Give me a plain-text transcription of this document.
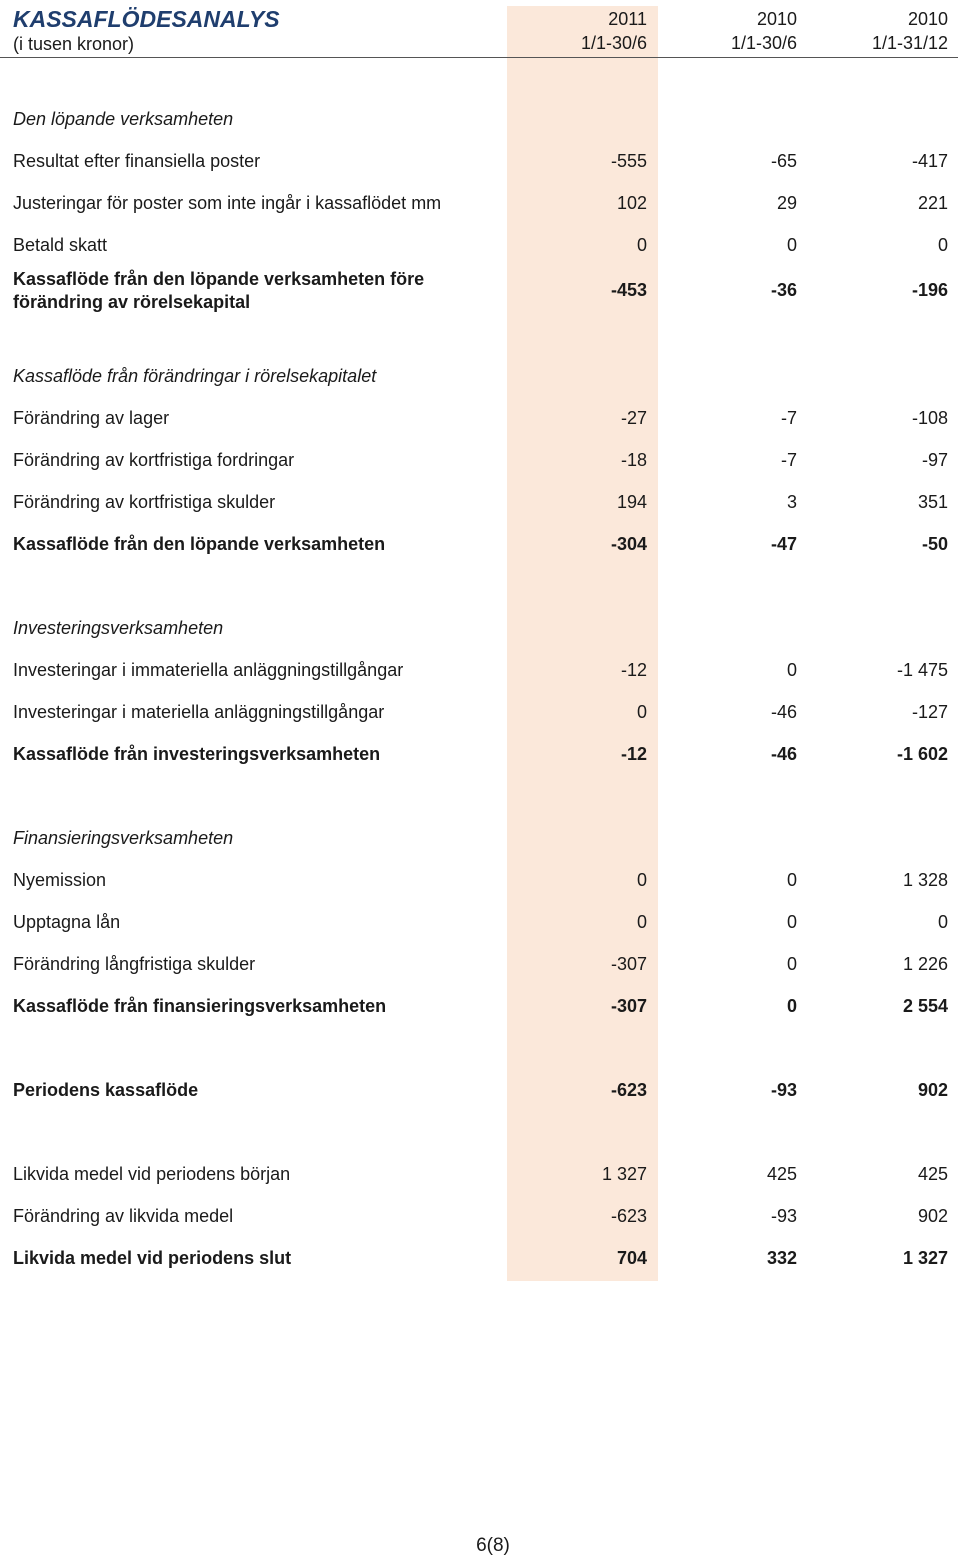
KASSAFLÖDESANALYS
(i tusen kronor)
2011
1/1-30/6
2010
1/1-30/6
2010
1/1-31/12
Den löpande verksamheten
Resultat efter finansiella poster	-555	-65	-417
Justeringar för poster som inte ingår i kassaflödet mm	102	29	221
Betald skatt	0	0	0
Kassaflöde från den löpande verksamheten före
förändring av rörelsekapital
-453	-36	-196
Kassaflöde från förändringar i rörelsekapitalet
Förändring av lager	-27	-7	-108
Förändring av kortfristiga fordringar	-18	-7	-97
Förändring av kortfristiga skulder	194	3	351
Kassaflöde från den löpande verksamheten	-304	-47	-50
Investeringsverksamheten
Investeringar i immateriella anläggningstillgångar	-12	0	-1 475
Investeringar i materiella anläggningstillgångar	0	-46	-127
Kassaflöde från investeringsverksamheten	-12	-46	-1 602
Finansieringsverksamheten
Nyemission	0	0	1 328
Upptagna lån	0	0	0
Förändring långfristiga skulder	-307	0	1 226
Kassaflöde från finansieringsverksamheten	-307	0	2 554
Periodens kassaflöde	-623	-93	902
Likvida medel vid periodens början	1 327	425	425
Förändring av likvida medel	-623	-93	902
Likvida medel vid periodens slut	704	332	1 327
6(8)
